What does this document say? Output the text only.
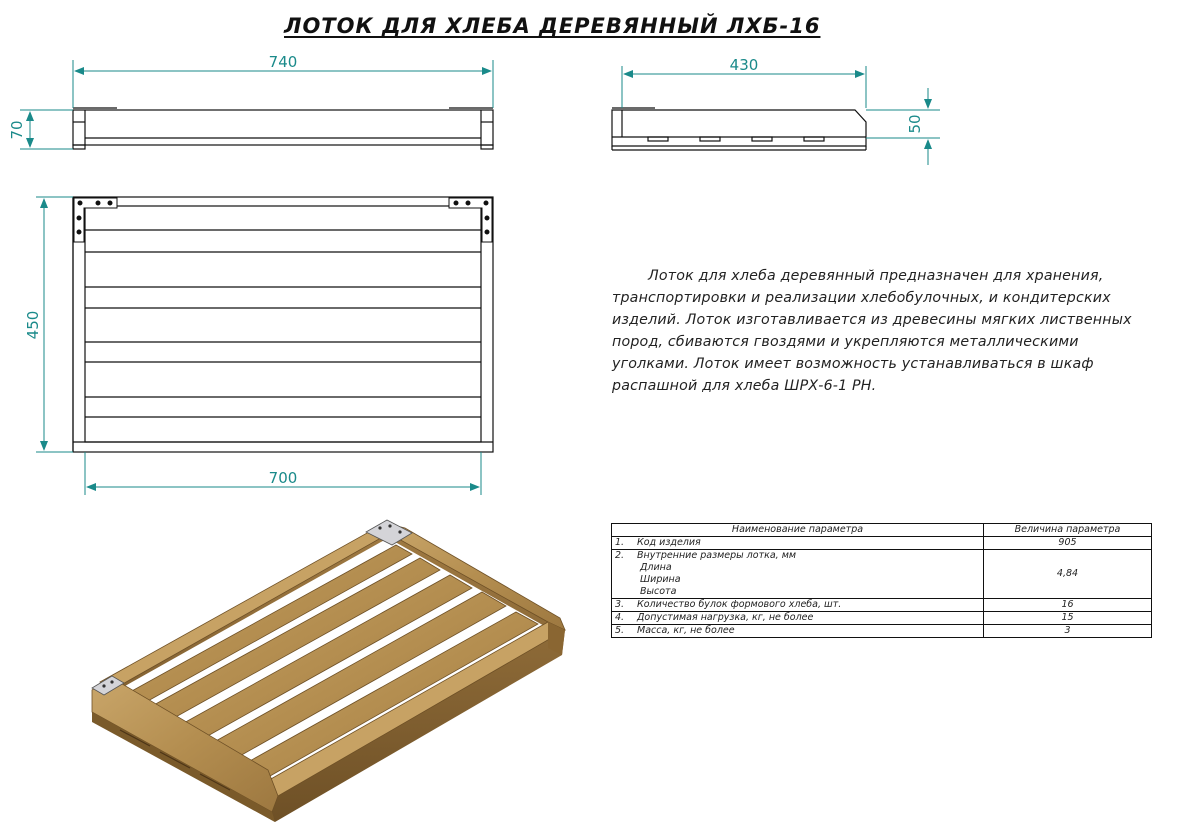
ЛОТОК ДЛЯ ХЛЕБА ДЕРЕВЯННЫЙ ЛХБ-16
740
70
430
50
450
700

Лоток для хлеба деревянный предназначен для хранения, транспортировки и реализации хлебобулочных, и кондитерских изделий. Лоток изготавливается из древесины мягких лиственных пород, сбиваются гвоздями и укрепляются металлическими уголками. Лоток имеет возможность устанавливаться в шкаф распашной для хлеба ШРХ-6-1 РН.

Наименование параметра	Величина параметра
1. Код изделия	905
2. Внутренние размеры лотка, мм
Длина
Ширина
Высота	4,84
3. Количество булок формового хлеба, шт.	16
4. Допустимая нагрузка, кг, не более	15
5. Масса, кг, не более	3
